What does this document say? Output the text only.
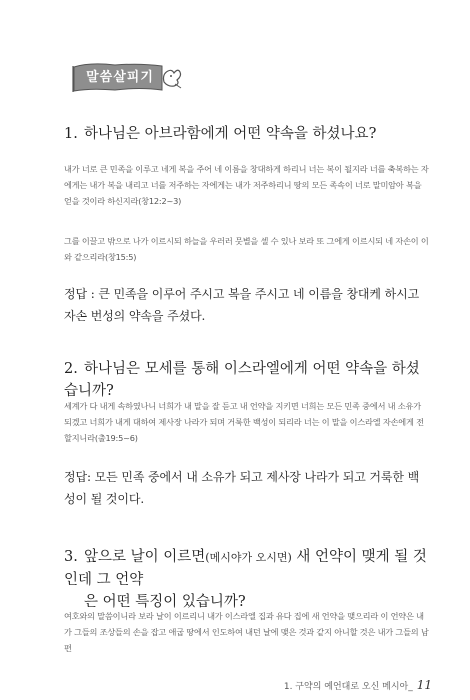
말씀살피기
1. 하나님은 아브라함에게 어떤 약속을 하셨나요?
내가 너로 큰 민족을 이루고 네게 복을 주어 네 이름을 창대하게 하리니 너는 복이 될지라 너를 축복하는 자에게는 내가 복을 내리고 너를 저주하는 자에게는 내가 저주하리니 땅의 모든 족속이 너로 말미암아 복을 얻을 것이라 하신지라(창12:2~3)
그를 이끌고 밖으로 나가 이르시되 하늘을 우러러 뭇별을 셀 수 있나 보라 또 그에게 이르시되 네 자손이 이와 같으리라(창15:5)
정답 : 큰 민족을 이루어 주시고 복을 주시고 네 이름을 창대케 하시고 자손 번성의 약속을 주셨다.
2. 하나님은 모세를 통해 이스라엘에게 어떤 약속을 하셨습니까?
세계가 다 내게 속하였나니 너희가 내 말을 잘 듣고 내 언약을 지키면 너희는 모든 민족 중에서 내 소유가 되겠고 너희가 내게 대하여 제사장 나라가 되며 거룩한 백성이 되리라 너는 이 말을 이스라엘 자손에게 전할지니라(출19:5~6)
정답: 모든 민족 중에서 내 소유가 되고 제사장 나라가 되고 거룩한 백성이 될 것이다.
3. 앞으로 날이 이르면(메시야가 오시면) 새 언약이 맺게 될 것인데 그 언약
은 어떤 특징이 있습니까?
여호와의 말씀이니라 보라 날이 이르리니 내가 이스라엘 집과 유다 집에 새 언약을 맺으리라 이 언약은 내가 그들의 조상들의 손을 잡고 애굽 땅에서 인도하여 내던 날에 맺은 것과 같지 아니할 것은 내가 그들의 남편
1. 구약의 예언대로 오신 메시아_ 11
